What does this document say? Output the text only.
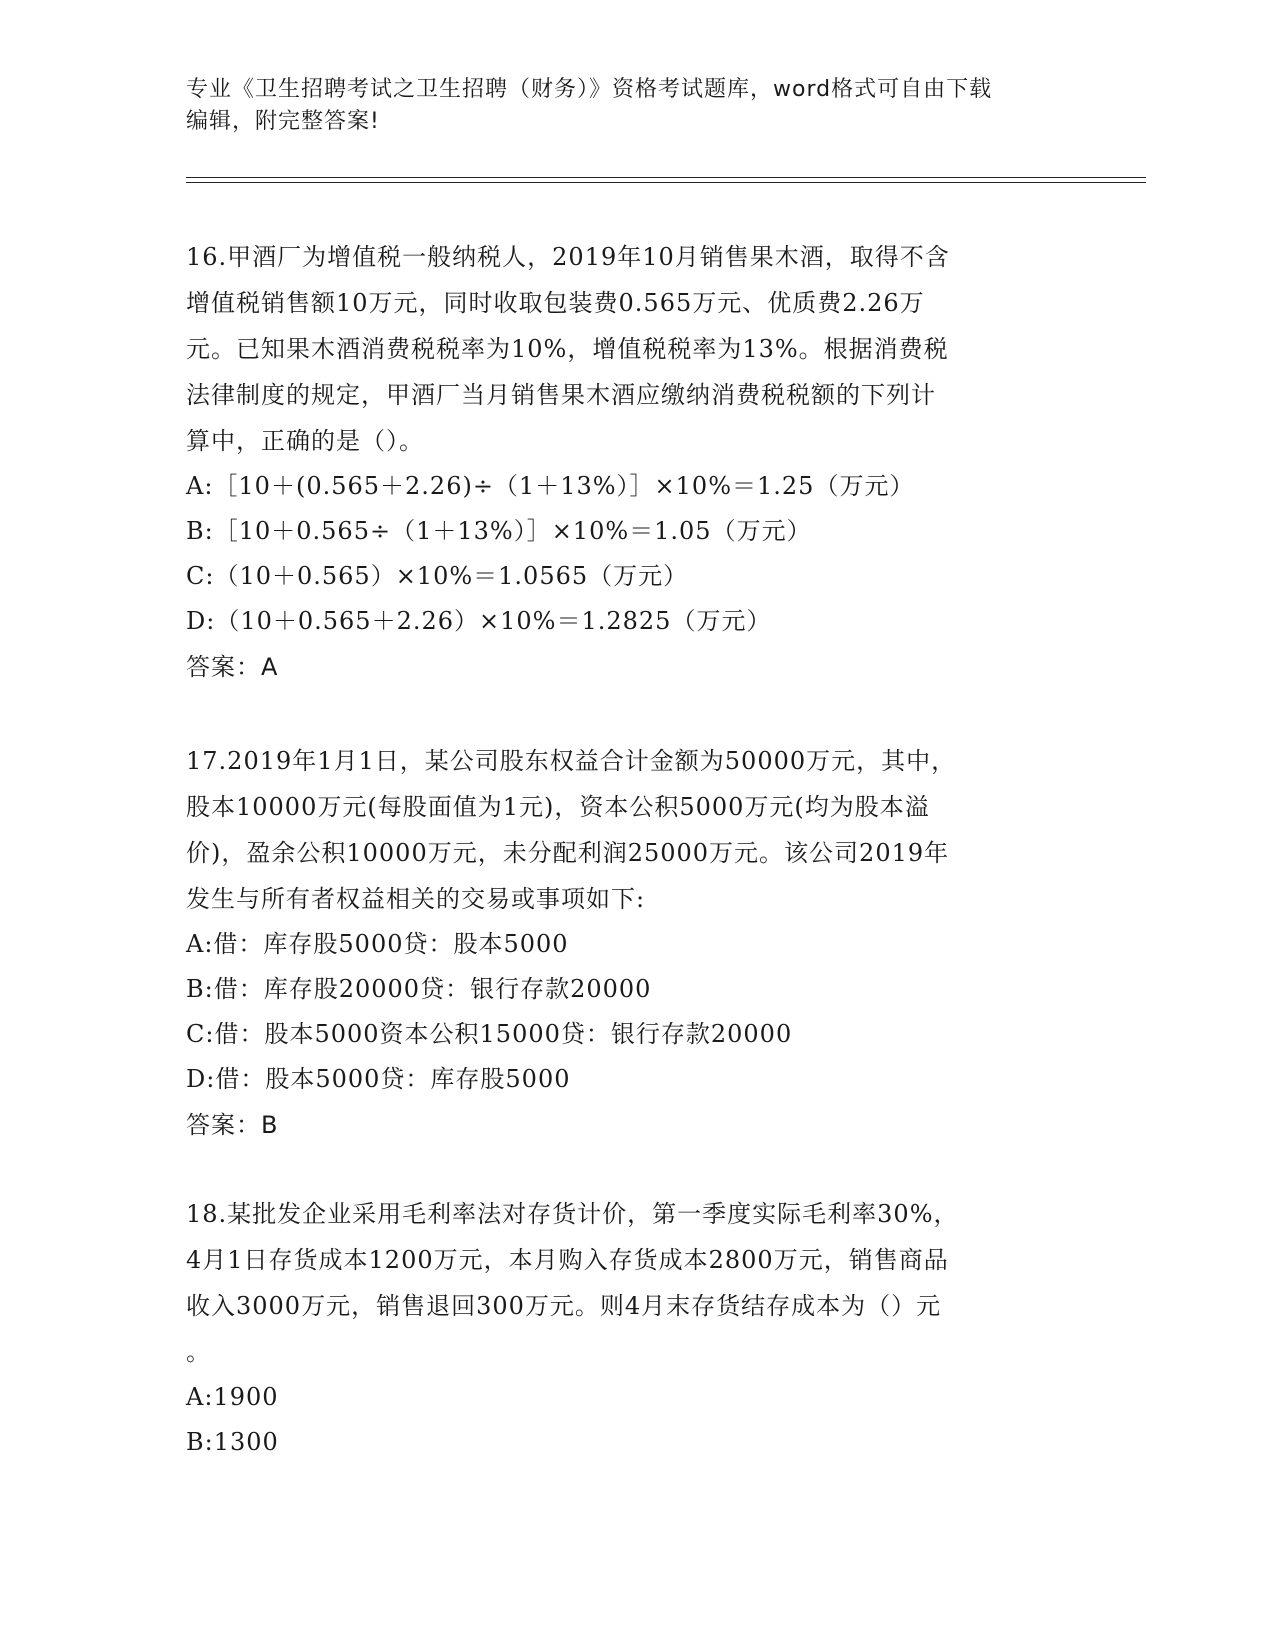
专业《卫生招聘考试之卫生招聘（财务）》资格考试题库，word格式可自由下载
编辑，附完整答案!
16.甲酒厂为增值税一般纳税人，2019年10月销售果木酒，取得不含
增值税销售额10万元，同时收取包装费0.565万元、优质费2.26万
元。已知果木酒消费税税率为10%，增值税税率为13%。根据消费税
法律制度的规定，甲酒厂当月销售果木酒应缴纳消费税税额的下列计
算中，正确的是（）。
A:［10＋(0.565＋2.26)÷（1＋13%）］×10%＝1.25（万元）
B:［10＋0.565÷（1＋13%）］×10%＝1.05（万元）
C:（10＋0.565）×10%＝1.0565（万元）
D:（10＋0.565＋2.26）×10%＝1.2825（万元）
答案：A
17.2019年1月1日，某公司股东权益合计金额为50000万元，其中，
股本10000万元(每股面值为1元)，资本公积5000万元(均为股本溢
价)，盈余公积10000万元，未分配利润25000万元。该公司2019年
发生与所有者权益相关的交易或事项如下:
A:借：库存股5000贷：股本5000
B:借：库存股20000贷：银行存款20000
C:借：股本5000资本公积15000贷：银行存款20000
D:借：股本5000贷：库存股5000
答案：B
18.某批发企业采用毛利率法对存货计价，第一季度实际毛利率30%，
4月1日存货成本1200万元，本月购入存货成本2800万元，销售商品
收入3000万元，销售退回300万元。则4月末存货结存成本为（）元
。
A:1900
B:1300
